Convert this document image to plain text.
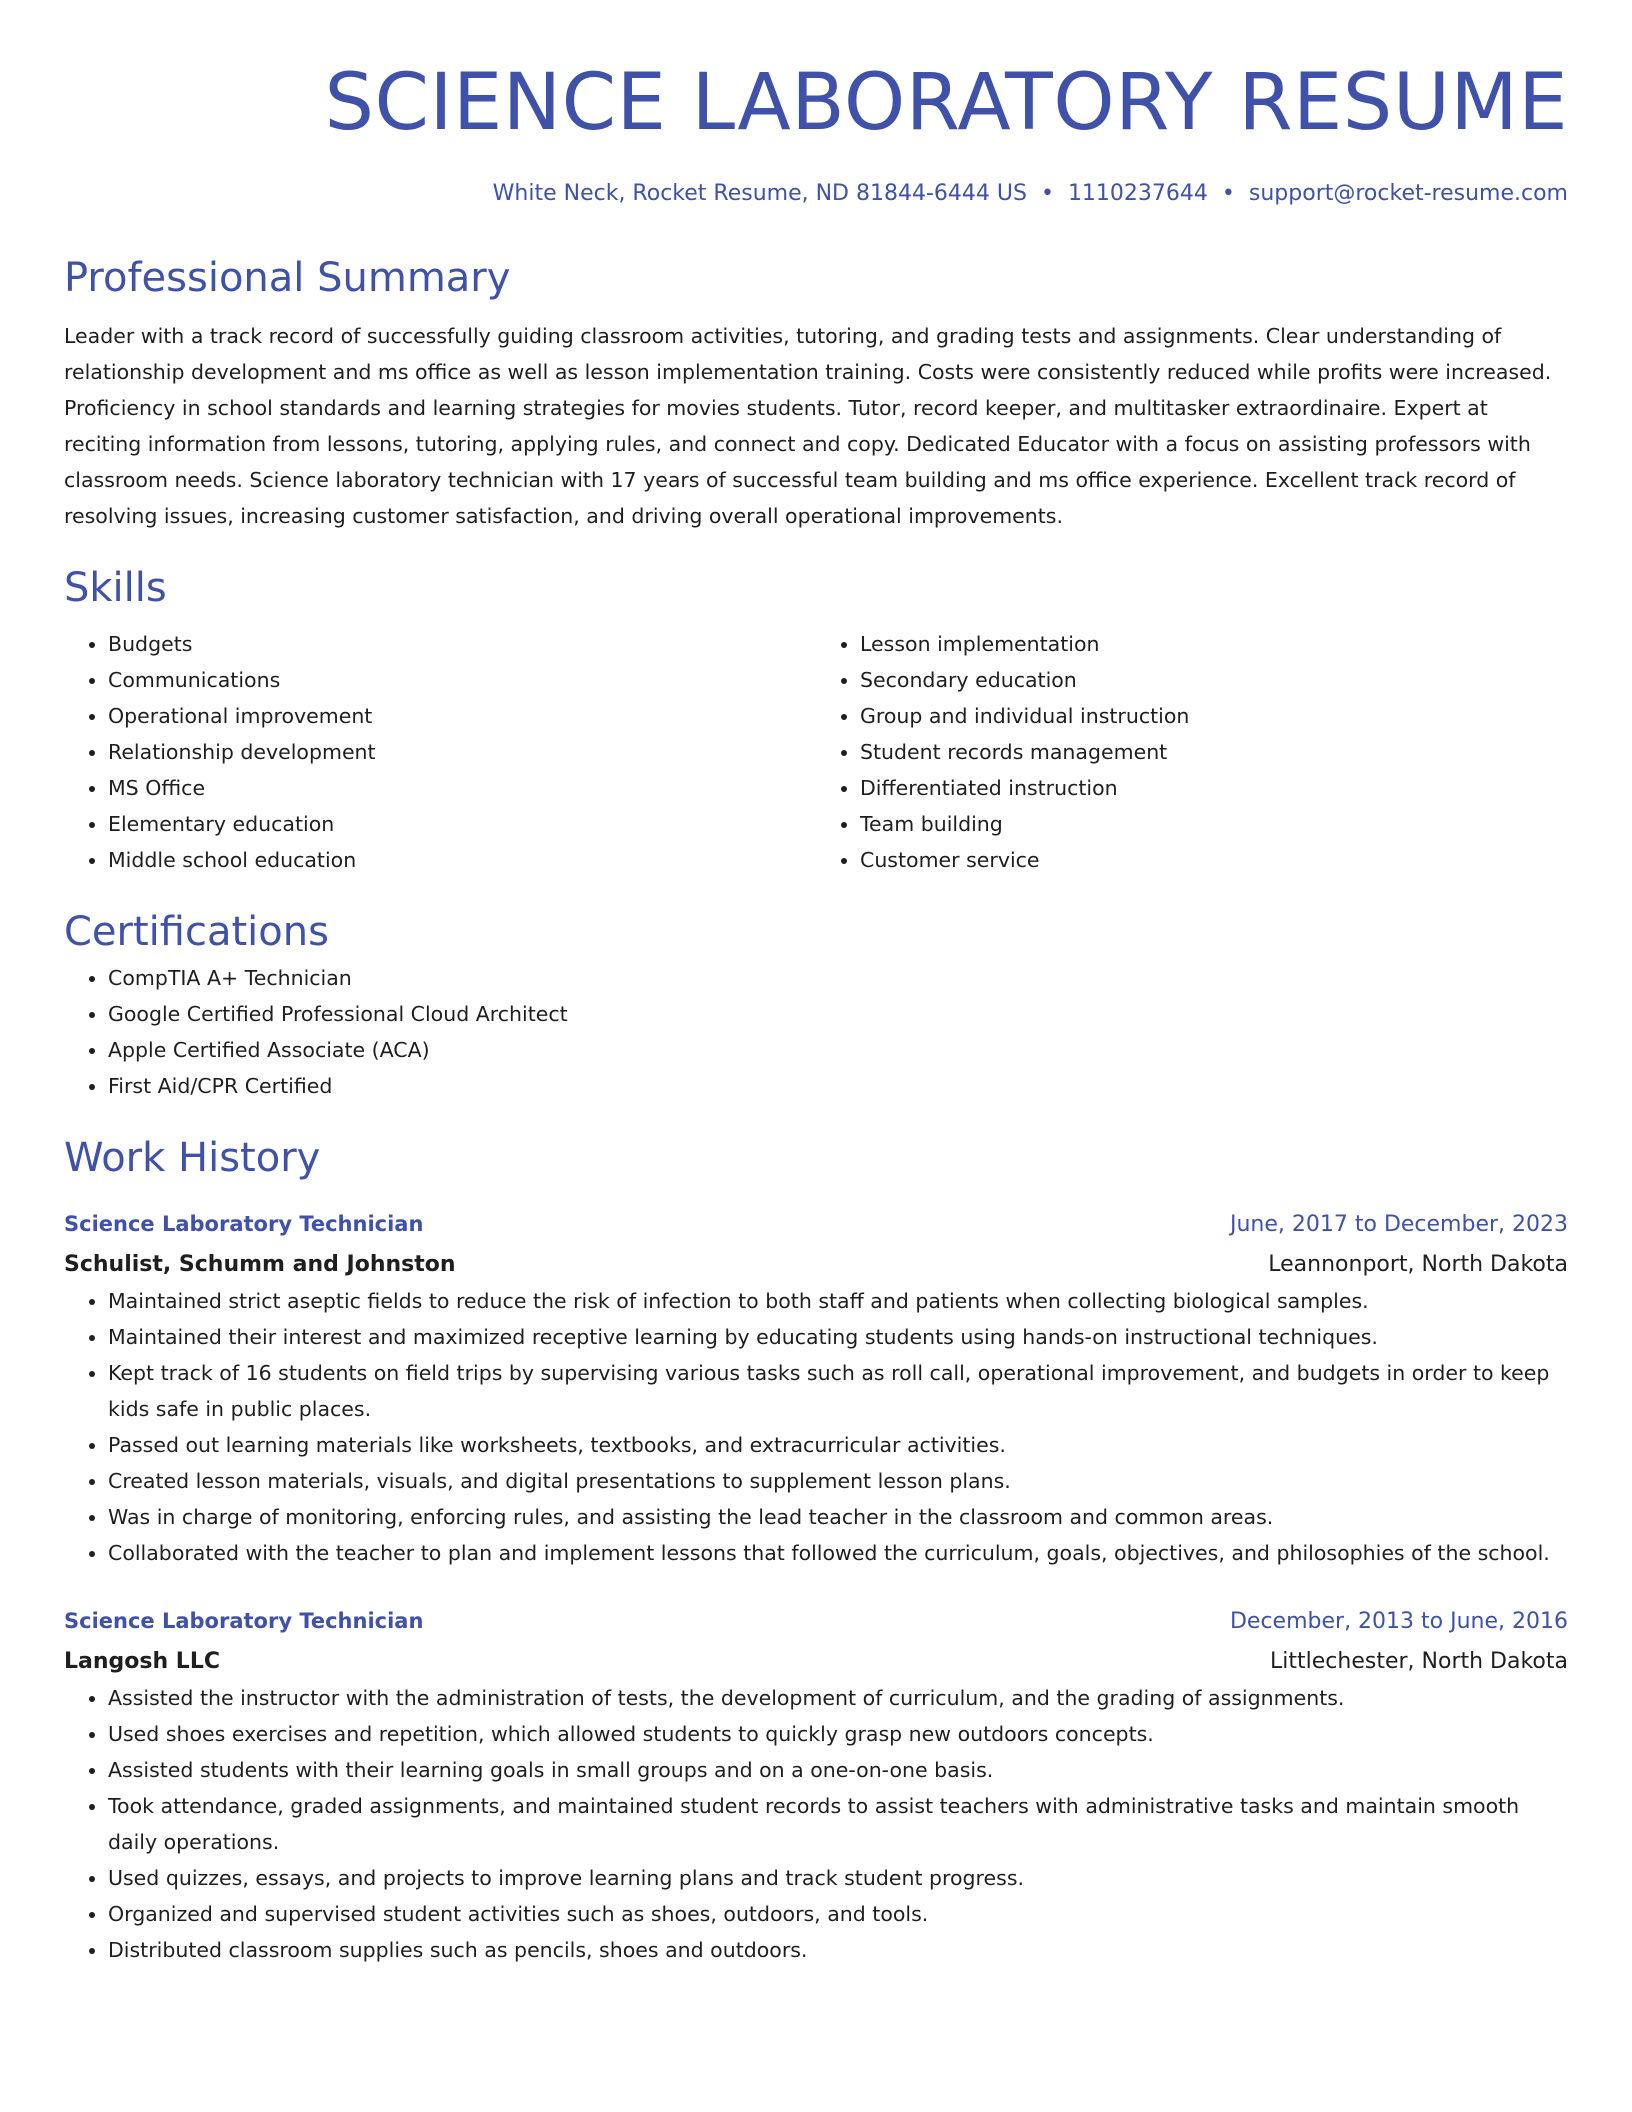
SCIENCE LABORATORY RESUME
White Neck, Rocket Resume, ND 81844-6444 US • 1110237644 • support@rocket-resume.com
Professional Summary

Leader with a track record of successfully guiding classroom activities, tutoring, and grading tests and assignments. Clear understanding of relationship development and ms office as well as lesson implementation training. Costs were consistently reduced while profits were increased. Proficiency in school standards and learning strategies for movies students. Tutor, record keeper, and multitasker extraordinaire. Expert at reciting information from lessons, tutoring, applying rules, and connect and copy. Dedicated Educator with a focus on assisting professors with classroom needs. Science laboratory technician with 17 years of successful team building and ms office experience. Excellent track record of resolving issues, increasing customer satisfaction, and driving overall operational improvements.

Skills
• Budgets
• Communications
• Operational improvement
• Relationship development
• MS Office
• Elementary education
• Middle school education
• Lesson implementation
• Secondary education
• Group and individual instruction
• Student records management
• Differentiated instruction
• Team building
• Customer service
Certifications
• CompTIA A+ Technician
• Google Certified Professional Cloud Architect
• Apple Certified Associate (ACA)
• First Aid/CPR Certified
Work History
Science Laboratory Technician	June, 2017 to December, 2023
Schulist, Schumm and Johnston	Leannonport, North Dakota
• Maintained strict aseptic fields to reduce the risk of infection to both staff and patients when collecting biological samples.
• Maintained their interest and maximized receptive learning by educating students using hands-on instructional techniques.
• Kept track of 16 students on field trips by supervising various tasks such as roll call, operational improvement, and budgets in order to keep kids safe in public places.
• Passed out learning materials like worksheets, textbooks, and extracurricular activities.
• Created lesson materials, visuals, and digital presentations to supplement lesson plans.
• Was in charge of monitoring, enforcing rules, and assisting the lead teacher in the classroom and common areas.
• Collaborated with the teacher to plan and implement lessons that followed the curriculum, goals, objectives, and philosophies of the school.
Science Laboratory Technician	December, 2013 to June, 2016
Langosh LLC	Littlechester, North Dakota
• Assisted the instructor with the administration of tests, the development of curriculum, and the grading of assignments.
• Used shoes exercises and repetition, which allowed students to quickly grasp new outdoors concepts.
• Assisted students with their learning goals in small groups and on a one-on-one basis.
• Took attendance, graded assignments, and maintained student records to assist teachers with administrative tasks and maintain smooth daily operations.
• Used quizzes, essays, and projects to improve learning plans and track student progress.
• Organized and supervised student activities such as shoes, outdoors, and tools.
• Distributed classroom supplies such as pencils, shoes and outdoors.
